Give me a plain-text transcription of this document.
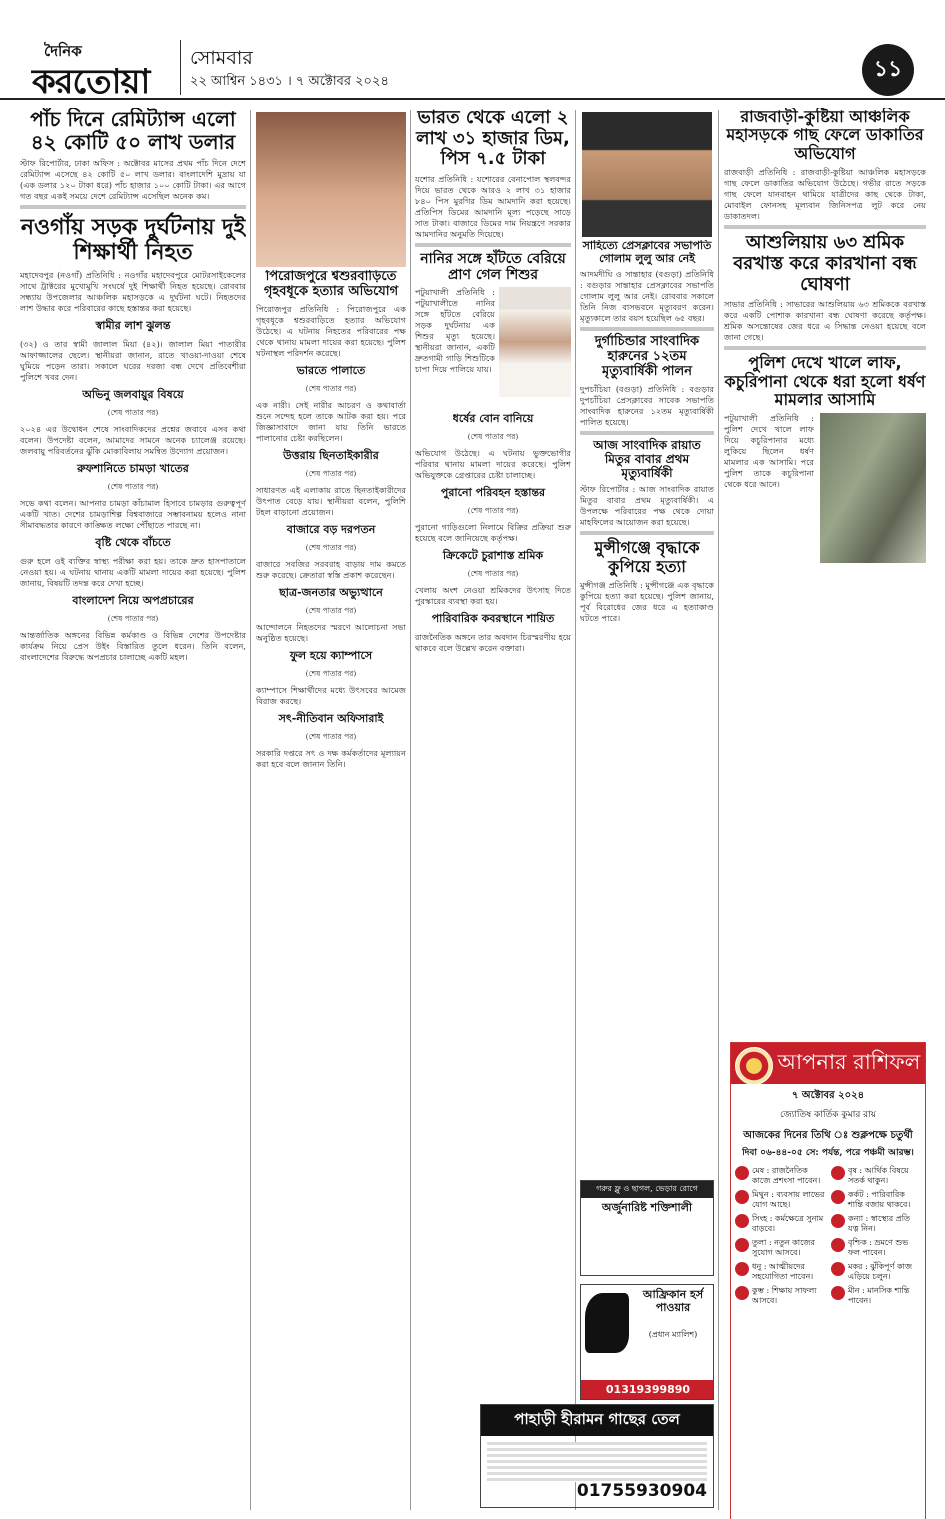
দৈনিক
করতোয়া
সোমবার
২২ আশ্বিন ১৪৩১ । ৭ অক্টোবর ২০২৪	১১
পাঁচ দিনে রেমিট্যান্স এলো ৪২ কোটি ৫০ লাখ ডলার
স্টাফ রিপোর্টার, ঢাকা অফিস : অক্টোবর মাসের প্রথম পাঁচ দিনে দেশে রেমিট্যান্স এসেছে ৪২ কোটি ৫০ লাখ ডলার। বাংলাদেশি মুদ্রায় যা (এক ডলার ১২০ টাকা ধরে) পাঁচ হাজার ১০০ কোটি টাকা। এর আগে গত বছর একই সময়ে দেশে রেমিট্যান্স এসেছিল অনেক কম।
নওগাঁয় সড়ক দুর্ঘটনায় দুই শিক্ষার্থী নিহত
মহাদেবপুর (নওগাঁ) প্রতিনিধি : নওগাঁর মহাদেবপুরে মোটরসাইকেলের সাথে ট্রাক্টরের মুখোমুখি সংঘর্ষে দুই শিক্ষার্থী নিহত হয়েছে। রোববার সন্ধ্যায় উপজেলার আঞ্চলিক মহাসড়কে এ দুর্ঘটনা ঘটে। নিহতদের লাশ উদ্ধার করে পরিবারের কাছে হস্তান্তর করা হয়েছে।
স্বামীর লাশ ঝুলন্ত
(৩২) ও তার স্বামী জালাল মিয়া (৪২)। জালাল মিয়া পাতারীর আফাজ্জালের ছেলে। স্থানীয়রা জানান, রাতে খাওয়া-দাওয়া শেষে ঘুমিয়ে পড়েন তারা। সকালে ঘরের দরজা বন্ধ দেখে প্রতিবেশীরা পুলিশে খবর দেন।
অভিনু জলবায়ুর বিষয়ে
(শেষ পাতার পর)
২০২৪ এর উদ্বোধন শেষে সাংবাদিকদের প্রশ্নের জবাবে এসব কথা বলেন। উপদেষ্টা বলেন, আমাদের সামনে অনেক চ্যালেঞ্জ রয়েছে। জলবায়ু পরিবর্তনের ঝুঁকি মোকাবিলায় সমন্বিত উদ্যোগ প্রয়োজন।
রুফশানিতে চামড়া খাতের
(শেষ পাতার পর)
সভে কথা বলেন। আপনার চামড়া কাঁচামাল হিসাবে চামড়ার গুরুত্বপূর্ণ একটি খাত। দেশের চামড়াশিল্প বিশ্ববাজারে সম্ভাবনাময় হলেও নানা সীমাবদ্ধতার কারণে কাঙ্ক্ষিত লক্ষ্যে পৌঁছাতে পারছে না।
বৃষ্টি থেকে বাঁচতে
গুরু হলে ওই ব্যক্তির স্বাস্থ্য পরীক্ষা করা হয়। তাকে দ্রুত হাসপাতালে নেওয়া হয়। এ ঘটনায় থানায় একটি মামলা দায়ের করা হয়েছে। পুলিশ জানায়, বিষয়টি তদন্ত করে দেখা হচ্ছে।
বাংলাদেশ নিয়ে অপপ্রচারের
(শেষ পাতার পর)
আন্তর্জাতিক অঙ্গনের বিভিন্ন কর্মকাণ্ড ও বিভিন্ন দেশের উপদেষ্টার কার্যক্রম নিয়ে প্রেস উইং বিস্তারিত তুলে ধরেন। তিনি বলেন, বাংলাদেশের বিরুদ্ধে অপপ্রচার চালাচ্ছে একটি মহল।
পিরোজপুরে শ্বশুরবাড়িতে গৃহবধূকে হত্যার অভিযোগ
পিরোজপুর প্রতিনিধি : পিরোজপুরে এক গৃহবধূকে শ্বশুরবাড়িতে হত্যার অভিযোগ উঠেছে। এ ঘটনায় নিহতের পরিবারের পক্ষ থেকে থানায় মামলা দায়ের করা হয়েছে। পুলিশ ঘটনাস্থল পরিদর্শন করেছে।
ভারতে পালাতে
(শেষ পাতার পর)
এক নারী। সেই নারীর আচরণ ও কথাবার্তা শুনে সন্দেহ হলে তাকে আটক করা হয়। পরে জিজ্ঞাসাবাদে জানা যায় তিনি ভারতে পালানোর চেষ্টা করছিলেন।
উত্তরায় ছিনতাইকারীর
(শেষ পাতার পর)
সাধারণত এই এলাকায় রাতে ছিনতাইকারীদের উৎপাত বেড়ে যায়। স্থানীয়রা বলেন, পুলিশি টহল বাড়ানো প্রয়োজন।
বাজারে বড় দরপতন
(শেষ পাতার পর)
বাজারে সবজির সরবরাহ বাড়ায় দাম কমতে শুরু করেছে। ক্রেতারা স্বস্তি প্রকাশ করেছেন।
ছাত্র-জনতার অভ্যুত্থানে
(শেষ পাতার পর)
আন্দোলনে নিহতদের স্মরণে আলোচনা সভা অনুষ্ঠিত হয়েছে।
ফুল হয়ে ক্যাম্পাসে
(শেষ পাতার পর)
ক্যাম্পাসে শিক্ষার্থীদের মধ্যে উৎসবের আমেজ বিরাজ করছে।
সৎ-নীতিবান অফিসারাই
(শেষ পাতার পর)
সরকারি দপ্তরে সৎ ও দক্ষ কর্মকর্তাদের মূল্যায়ন করা হবে বলে জানান তিনি।
ভারত থেকে এলো ২ লাখ ৩১ হাজার ডিম, পিস ৭.৫ টাকা
যশোর প্রতিনিধি : যশোরের বেনাপোল স্থলবন্দর দিয়ে ভারত থেকে আরও ২ লাখ ৩১ হাজার ৮৪০ পিস মুরগির ডিম আমদানি করা হয়েছে। প্রতিপিস ডিমের আমদানি মূল্য পড়েছে সাড়ে সাত টাকা। বাজারে ডিমের দাম নিয়ন্ত্রণে সরকার আমদানির অনুমতি দিয়েছে।
নানির সঙ্গে হাঁটতে বেরিয়ে প্রাণ গেল শিশুর
পটুয়াখালী প্রতিনিধি : পটুয়াখালীতে নানির সঙ্গে হাঁটতে বেরিয়ে সড়ক দুর্ঘটনায় এক শিশুর মৃত্যু হয়েছে। স্থানীয়রা জানান, একটি দ্রুতগামী গাড়ি শিশুটিকে চাপা দিয়ে পালিয়ে যায়।
ধর্ষের বোন বানিয়ে
(শেষ পাতার পর)
অভিযোগ উঠেছে। এ ঘটনায় ভুক্তভোগীর পরিবার থানায় মামলা দায়ের করেছে। পুলিশ অভিযুক্তকে গ্রেপ্তারের চেষ্টা চালাচ্ছে।
পুরানো পরিবহন হস্তান্তর
(শেষ পাতার পর)
পুরানো গাড়িগুলো নিলামে বিক্রির প্রক্রিয়া শুরু হয়েছে বলে জানিয়েছে কর্তৃপক্ষ।
ক্রিকেটে চুরাশাস্ত শ্রমিক
(শেষ পাতার পর)
খেলায় অংশ নেওয়া শ্রমিকদের উৎসাহ দিতে পুরস্কারের ব্যবস্থা করা হয়।
পারিবারিক কবরস্থানে শায়িত
রাজনৈতিক অঙ্গনে তার অবদান চিরস্মরণীয় হয়ে থাকবে বলে উল্লেখ করেন বক্তারা।
সাহিত্যে প্রেসক্লাবের সভাপতি গোলাম লুলু আর নেই
আদমদীঘি ও সান্তাহার (বগুড়া) প্রতিনিধি : বগুড়ার সান্তাহার প্রেসক্লাবের সভাপতি গোলাম লুলু আর নেই। রোববার সকালে তিনি নিজ বাসভবনে মৃত্যুবরণ করেন। মৃত্যুকালে তার বয়স হয়েছিল ৬৫ বছর।
দুর্গাচিন্ডার সাংবাদিক হারুনের ১২তম মৃত্যুবার্ষিকী পালন
দুপচাঁচিয়া (বগুড়া) প্রতিনিধি : বগুড়ার দুপচাঁচিয়া প্রেসক্লাবের সাবেক সভাপতি সাংবাদিক হারুনের ১২তম মৃত্যুবার্ষিকী পালিত হয়েছে।
আজ সাংবাদিক রায়াত মিতুর বাবার প্রথম মৃত্যুবার্ষিকী
স্টাফ রিপোর্টার : আজ সাংবাদিক রায়াত মিতুর বাবার প্রথম মৃত্যুবার্ষিকী। এ উপলক্ষে পরিবারের পক্ষ থেকে দোয়া মাহফিলের আয়োজন করা হয়েছে।
মুন্সীগঞ্জে বৃদ্ধাকে কুপিয়ে হত্যা
মুন্সীগঞ্জ প্রতিনিধি : মুন্সীগঞ্জে এক বৃদ্ধাকে কুপিয়ে হত্যা করা হয়েছে। পুলিশ জানায়, পূর্ব বিরোধের জের ধরে এ হত্যাকাণ্ড ঘটতে পারে।
রাজবাড়ী-কুষ্টিয়া আঞ্চলিক মহাসড়কে গাছ ফেলে ডাকাতির অভিযোগ
রাজবাড়ী প্রতিনিধি : রাজবাড়ী-কুষ্টিয়া আঞ্চলিক মহাসড়কে গাছ ফেলে ডাকাতির অভিযোগ উঠেছে। গভীর রাতে সড়কে গাছ ফেলে যানবাহন থামিয়ে যাত্রীদের কাছ থেকে টাকা, মোবাইল ফোনসহ মূল্যবান জিনিসপত্র লুট করে নেয় ডাকাতদল।
আশুলিয়ায় ৬৩ শ্রমিক বরখাস্ত করে কারখানা বন্ধ ঘোষণা
সাভার প্রতিনিধি : সাভারের আশুলিয়ায় ৬৩ শ্রমিককে বরখাস্ত করে একটি পোশাক কারখানা বন্ধ ঘোষণা করেছে কর্তৃপক্ষ। শ্রমিক অসন্তোষের জের ধরে এ সিদ্ধান্ত নেওয়া হয়েছে বলে জানা গেছে।
পুলিশ দেখে খালে লাফ, কচুরিপানা থেকে ধরা হলো ধর্ষণ মামলার আসামি
পটুয়াখালী প্রতিনিধি : পুলিশ দেখে খালে লাফ দিয়ে কচুরিপানার মধ্যে লুকিয়ে ছিলেন ধর্ষণ মামলার এক আসামি। পরে পুলিশ তাকে কচুরিপানা থেকে ধরে আনে।
গরুর ফ্লু ও ছাগল, ভেড়ার রোগে
অর্জুনারিষ্ট শক্তিশালী
আফ্রিকান হর্স পাওয়ার
(প্রধান ম্যালিশ)
01319399890
পাহাড়ী হীরামন গাছের তেল
01755930904
আপনার রাশিফল
৭ অক্টোবর ২০২৪
জ্যোতিষ কার্তিক কুমার রায়
আজকের দিনের তিথি ঃ শুক্লপক্ষে চতুর্থী
দিবা ০৬-৪৪-০৫ সে: পর্যন্ত, পরে পঞ্চমী আরম্ভ।
মেষ : রাজনৈতিক কাজে প্রশংসা পাবেন।
বৃষ : আর্থিক বিষয়ে সতর্ক থাকুন।
মিথুন : ব্যবসায় লাভের যোগ আছে।
কর্কট : পারিবারিক শান্তি বজায় থাকবে।
সিংহ : কর্মক্ষেত্রে সুনাম বাড়বে।
কন্যা : স্বাস্থ্যের প্রতি যত্ন নিন।
তুলা : নতুন কাজের সুযোগ আসবে।
বৃশ্চিক : ভ্রমণে শুভ ফল পাবেন।
ধনু : আত্মীয়দের সহযোগিতা পাবেন।
মকর : ঝুঁকিপূর্ণ কাজ এড়িয়ে চলুন।
কুম্ভ : শিক্ষায় সাফল্য আসবে।
মীন : মানসিক শান্তি পাবেন।
